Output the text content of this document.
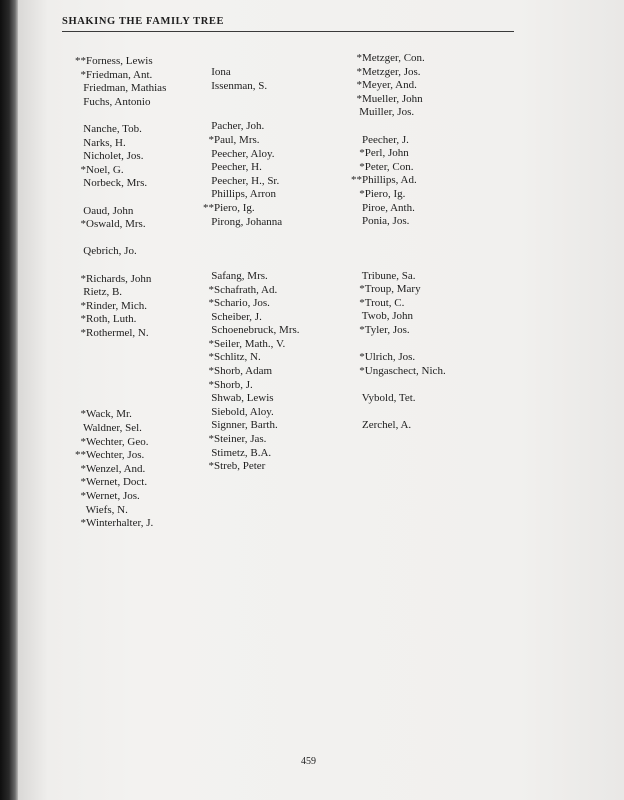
SHAKING THE FAMILY TREE
**Forness, Lewis
*Friedman, Ant.
Friedman, Mathias
Fuchs, Antonio
Nanche, Tob.
Narks, H.
Nicholet, Jos.
*Noel, G.
Norbeck, Mrs.
Oaud, John
*Oswald, Mrs.
Qebrich, Jo.
*Richards, John
Rietz, B.
*Rinder, Mich.
*Roth, Luth.
*Rothermel, N.
*Wack, Mr.
Waldner, Sel.
*Wechter, Geo.
**Wechter, Jos.
*Wenzel, And.
*Wernet, Doct.
*Wernet, Jos.
Wiefs, N.
*Winterhalter, J.
Iona
Issenman, S.
Pacher, Joh.
*Paul, Mrs.
Peecher, Aloy.
Peecher, H.
Peecher, H., Sr.
Phillips, Arron
**Piero, Ig.
Pirong, Johanna
Safang, Mrs.
*Schafrath, Ad.
*Schario, Jos.
Scheiber, J.
Schoenebruck, Mrs.
*Seiler, Math., V.
*Schlitz, N.
*Shorb, Adam
*Shorb, J.
Shwab, Lewis
Siebold, Aloy.
Signner, Barth.
*Steiner, Jas.
Stimetz, B.A.
*Streb, Peter
*Metzger, Con.
*Metzger, Jos.
*Meyer, And.
*Mueller, John
Muiller, Jos.
Peecher, J.
*Perl, John
*Peter, Con.
**Phillips, Ad.
*Piero, Ig.
Piroe, Anth.
Ponia, Jos.
Tribune, Sa.
*Troup, Mary
*Trout, C.
Twob, John
*Tyler, Jos.
*Ulrich, Jos.
*Ungaschect, Nich.
Vybold, Tet.
Zerchel, A.
459
